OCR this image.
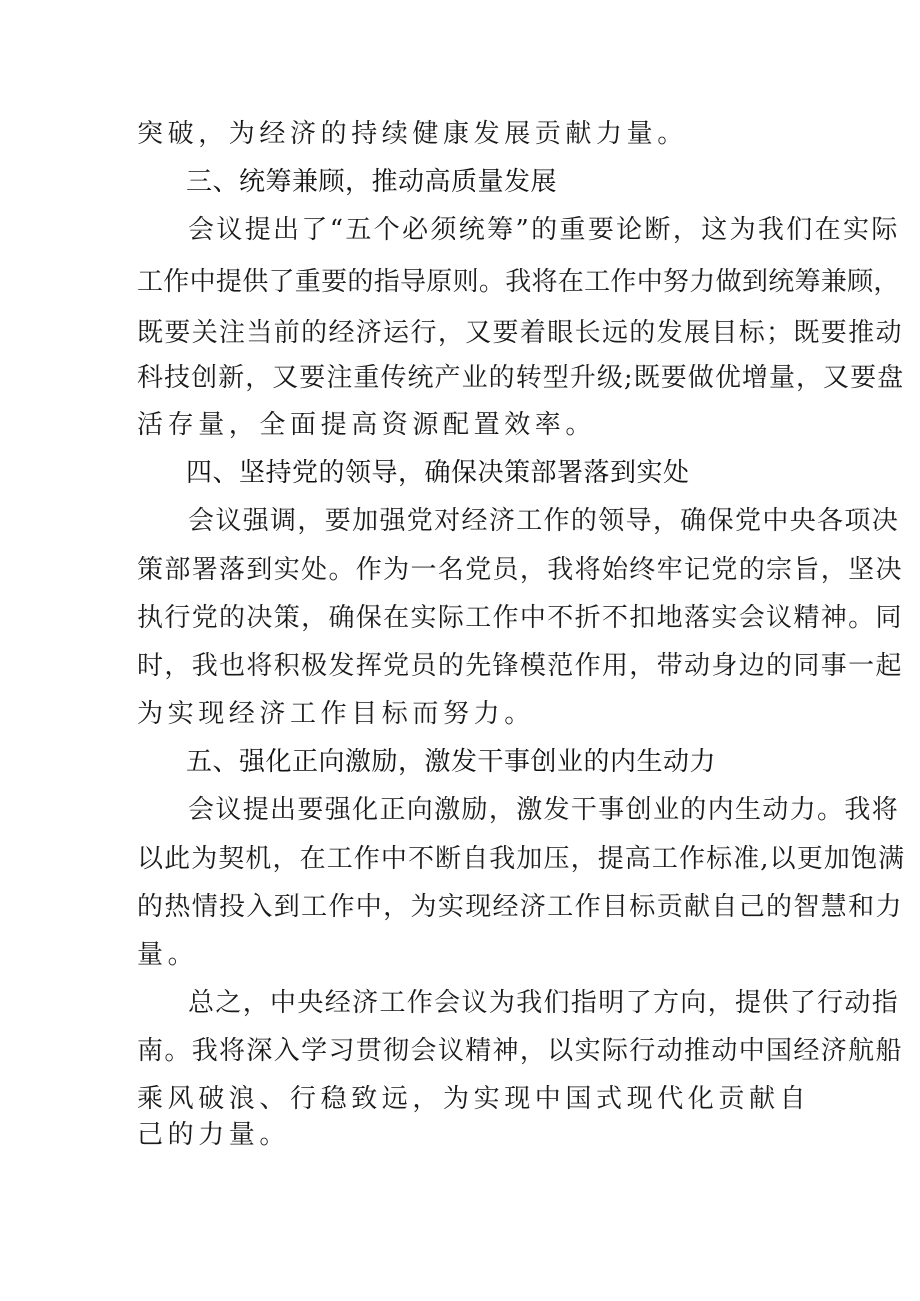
突破，为经济的持续健康发展贡献力量。
三、统筹兼顾，推动高质量发展
会议提出了“五个必须统筹”的重要论断，这为我们在实际
工作中提供了重要的指导原则。我将在工作中努力做到统筹兼顾，
既要关注当前的经济运行，又要着眼长远的发展目标；既要推动
科技创新，又要注重传统产业的转型升级;既要做优增量，又要盘
活存量，全面提高资源配置效率。
四、坚持党的领导，确保决策部署落到实处
会议强调，要加强党对经济工作的领导，确保党中央各项决
策部署落到实处。作为一名党员，我将始终牢记党的宗旨，坚决
执行党的决策，确保在实际工作中不折不扣地落实会议精神。同
时，我也将积极发挥党员的先锋模范作用，带动身边的同事一起
为实现经济工作目标而努力。
五、强化正向激励，激发干事创业的内生动力
会议提出要强化正向激励，激发干事创业的内生动力。我将
以此为契机，在工作中不断自我加压，提高工作标准,以更加饱满
的热情投入到工作中，为实现经济工作目标贡献自己的智慧和力
量。
总之，中央经济工作会议为我们指明了方向，提供了行动指
南。我将深入学习贯彻会议精神，以实际行动推动中国经济航船
乘风破浪、行稳致远，为实现中国式现代化贡献自
己的力量。
